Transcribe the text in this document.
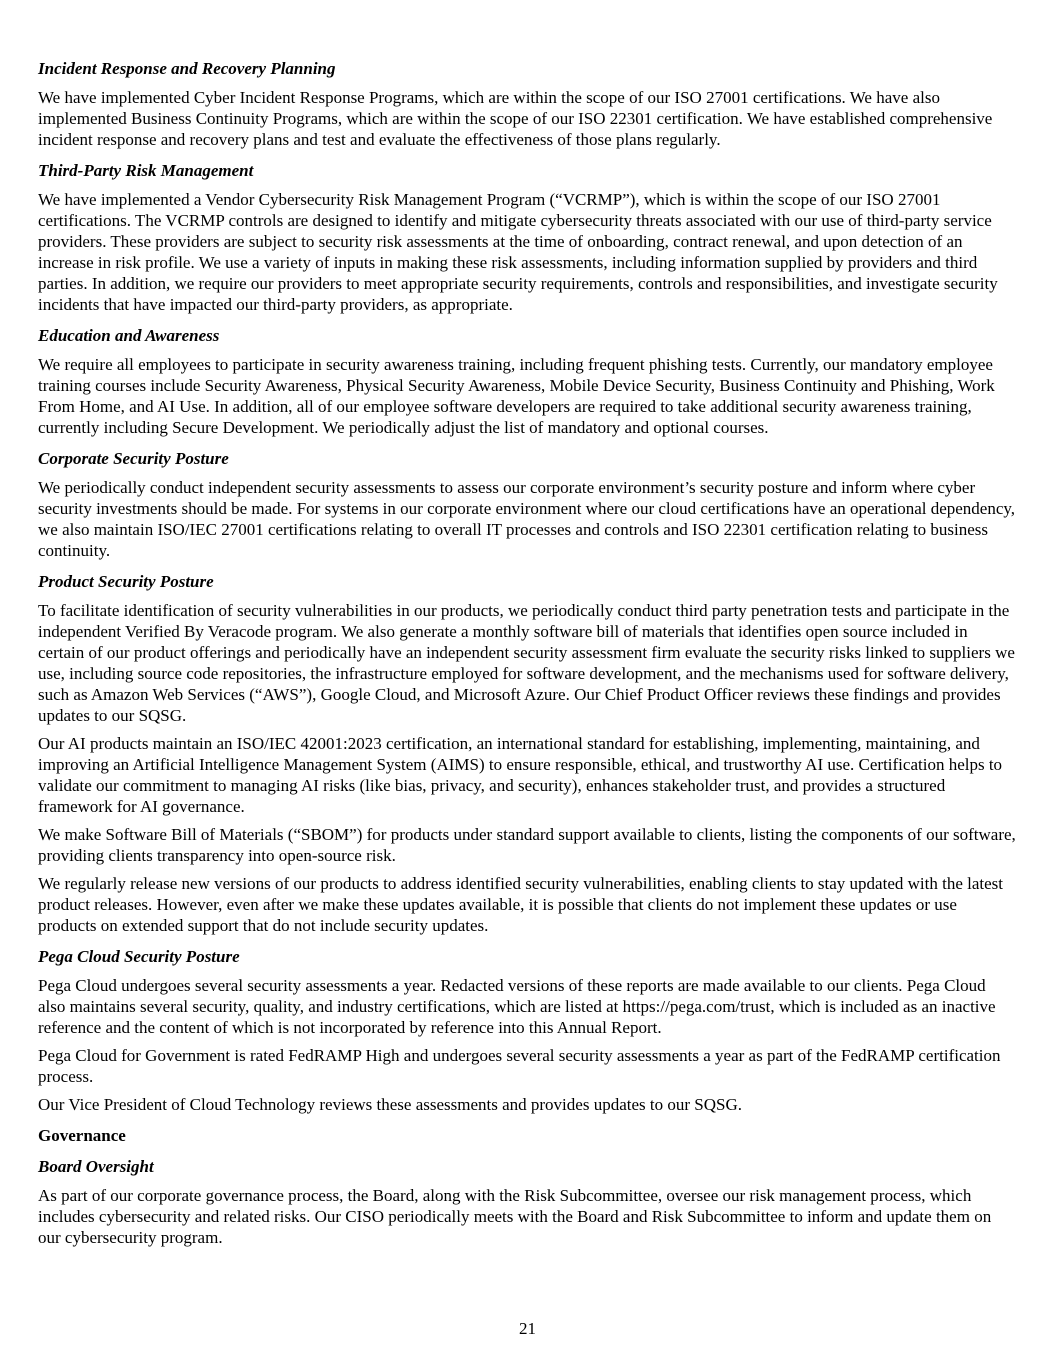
Incident Response and Recovery Planning

We have implemented Cyber Incident Response Programs, which are within the scope of our ISO 27001 certifications. We have also implemented Business Continuity Programs, which are within the scope of our ISO 22301 certification. We have established comprehensive incident response and recovery plans and test and evaluate the effectiveness of those plans regularly.

Third-Party Risk Management

We have implemented a Vendor Cybersecurity Risk Management Program (“VCRMP”), which is within the scope of our ISO 27001 certifications. The VCRMP controls are designed to identify and mitigate cybersecurity threats associated with our use of third-party service providers. These providers are subject to security risk assessments at the time of onboarding, contract renewal, and upon detection of an increase in risk profile. We use a variety of inputs in making these risk assessments, including information supplied by providers and third parties. In addition, we require our providers to meet appropriate security requirements, controls and responsibilities, and investigate security incidents that have impacted our third-party providers, as appropriate.

Education and Awareness

We require all employees to participate in security awareness training, including frequent phishing tests. Currently, our mandatory employee training courses include Security Awareness, Physical Security Awareness, Mobile Device Security, Business Continuity and Phishing, Work From Home, and AI Use. In addition, all of our employee software developers are required to take additional security awareness training, currently including Secure Development. We periodically adjust the list of mandatory and optional courses.

Corporate Security Posture

We periodically conduct independent security assessments to assess our corporate environment’s security posture and inform where cyber security investments should be made. For systems in our corporate environment where our cloud certifications have an operational dependency, we also maintain ISO/IEC 27001 certifications relating to overall IT processes and controls and ISO 22301 certification relating to business continuity.

Product Security Posture

To facilitate identification of security vulnerabilities in our products, we periodically conduct third party penetration tests and participate in the independent Verified By Veracode program. We also generate a monthly software bill of materials that identifies open source included in certain of our product offerings and periodically have an independent security assessment firm evaluate the security risks linked to suppliers we use, including source code repositories, the infrastructure employed for software development, and the mechanisms used for software delivery, such as Amazon Web Services (“AWS”), Google Cloud, and Microsoft Azure. Our Chief Product Officer reviews these findings and provides updates to our SQSG.

Our AI products maintain an ISO/IEC 42001:2023 certification, an international standard for establishing, implementing, maintaining, and improving an Artificial Intelligence Management System (AIMS) to ensure responsible, ethical, and trustworthy AI use. Certification helps to validate our commitment to managing AI risks (like bias, privacy, and security), enhances stakeholder trust, and provides a structured framework for AI governance.

We make Software Bill of Materials (“SBOM”) for products under standard support available to clients, listing the components of our software, providing clients transparency into open-source risk.

We regularly release new versions of our products to address identified security vulnerabilities, enabling clients to stay updated with the latest product releases. However, even after we make these updates available, it is possible that clients do not implement these updates or use products on extended support that do not include security updates.

Pega Cloud Security Posture

Pega Cloud undergoes several security assessments a year. Redacted versions of these reports are made available to our clients. Pega Cloud also maintains several security, quality, and industry certifications, which are listed at https://pega.com/trust, which is included as an inactive reference and the content of which is not incorporated by reference into this Annual Report.

Pega Cloud for Government is rated FedRAMP High and undergoes several security assessments a year as part of the FedRAMP certification process.

Our Vice President of Cloud Technology reviews these assessments and provides updates to our SQSG.

Governance
Board Oversight

As part of our corporate governance process, the Board, along with the Risk Subcommittee, oversee our risk management process, which includes cybersecurity and related risks. Our CISO periodically meets with the Board and Risk Subcommittee to inform and update them on our cybersecurity program.

21
